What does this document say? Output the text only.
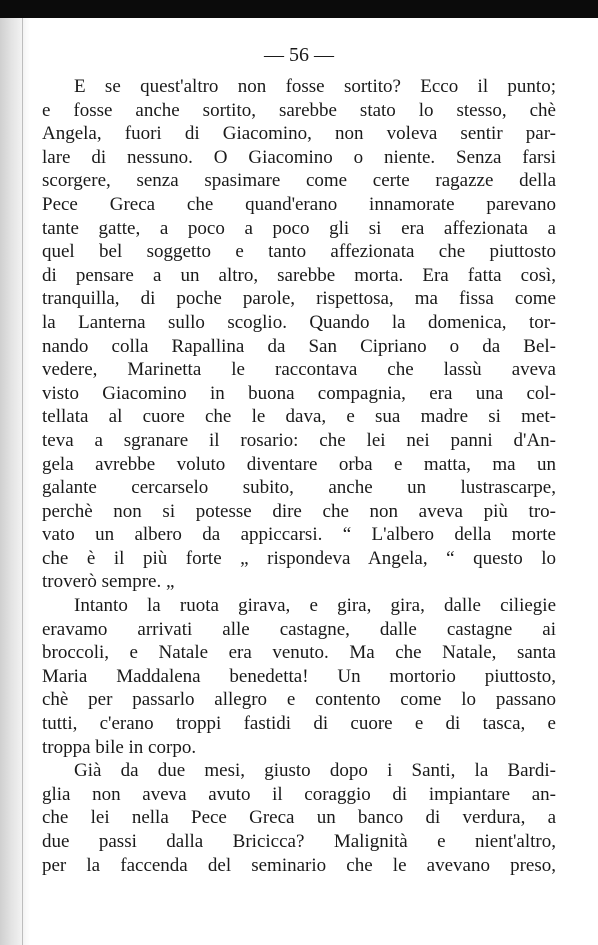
— 56 —
E se quest'altro non fosse sortito? Ecco il punto;
e fosse anche sortito, sarebbe stato lo stesso, chè
Angela, fuori di Giacomino, non voleva sentir par-
lare di nessuno. O Giacomino o niente. Senza farsi
scorgere, senza spasimare come certe ragazze della
Pece Greca che quand'erano innamorate parevano
tante gatte, a poco a poco gli si era affezionata a
quel bel soggetto e tanto affezionata che piuttosto
di pensare a un altro, sarebbe morta. Era fatta così,
tranquilla, di poche parole, rispettosa, ma fissa come
la Lanterna sullo scoglio. Quando la domenica, tor-
nando colla Rapallina da San Cipriano o da Bel-
vedere, Marinetta le raccontava che lassù aveva
visto Giacomino in buona compagnia, era una col-
tellata al cuore che le dava, e sua madre si met-
teva a sgranare il rosario: che lei nei panni d'An-
gela avrebbe voluto diventare orba e matta, ma un
galante cercarselo subito, anche un lustrascarpe,
perchè non si potesse dire che non aveva più tro-
vato un albero da appiccarsi. “ L'albero della morte
che è il più forte „ rispondeva Angela, “ questo lo
troverò sempre. „
Intanto la ruota girava, e gira, gira, dalle ciliegie
eravamo arrivati alle castagne, dalle castagne ai
broccoli, e Natale era venuto. Ma che Natale, santa
Maria Maddalena benedetta! Un mortorio piuttosto,
chè per passarlo allegro e contento come lo passano
tutti, c'erano troppi fastidi di cuore e di tasca, e
troppa bile in corpo.
Già da due mesi, giusto dopo i Santi, la Bardi-
glia non aveva avuto il coraggio di impiantare an-
che lei nella Pece Greca un banco di verdura, a
due passi dalla Bricicca? Malignità e nient'altro,
per la faccenda del seminario che le avevano preso,
